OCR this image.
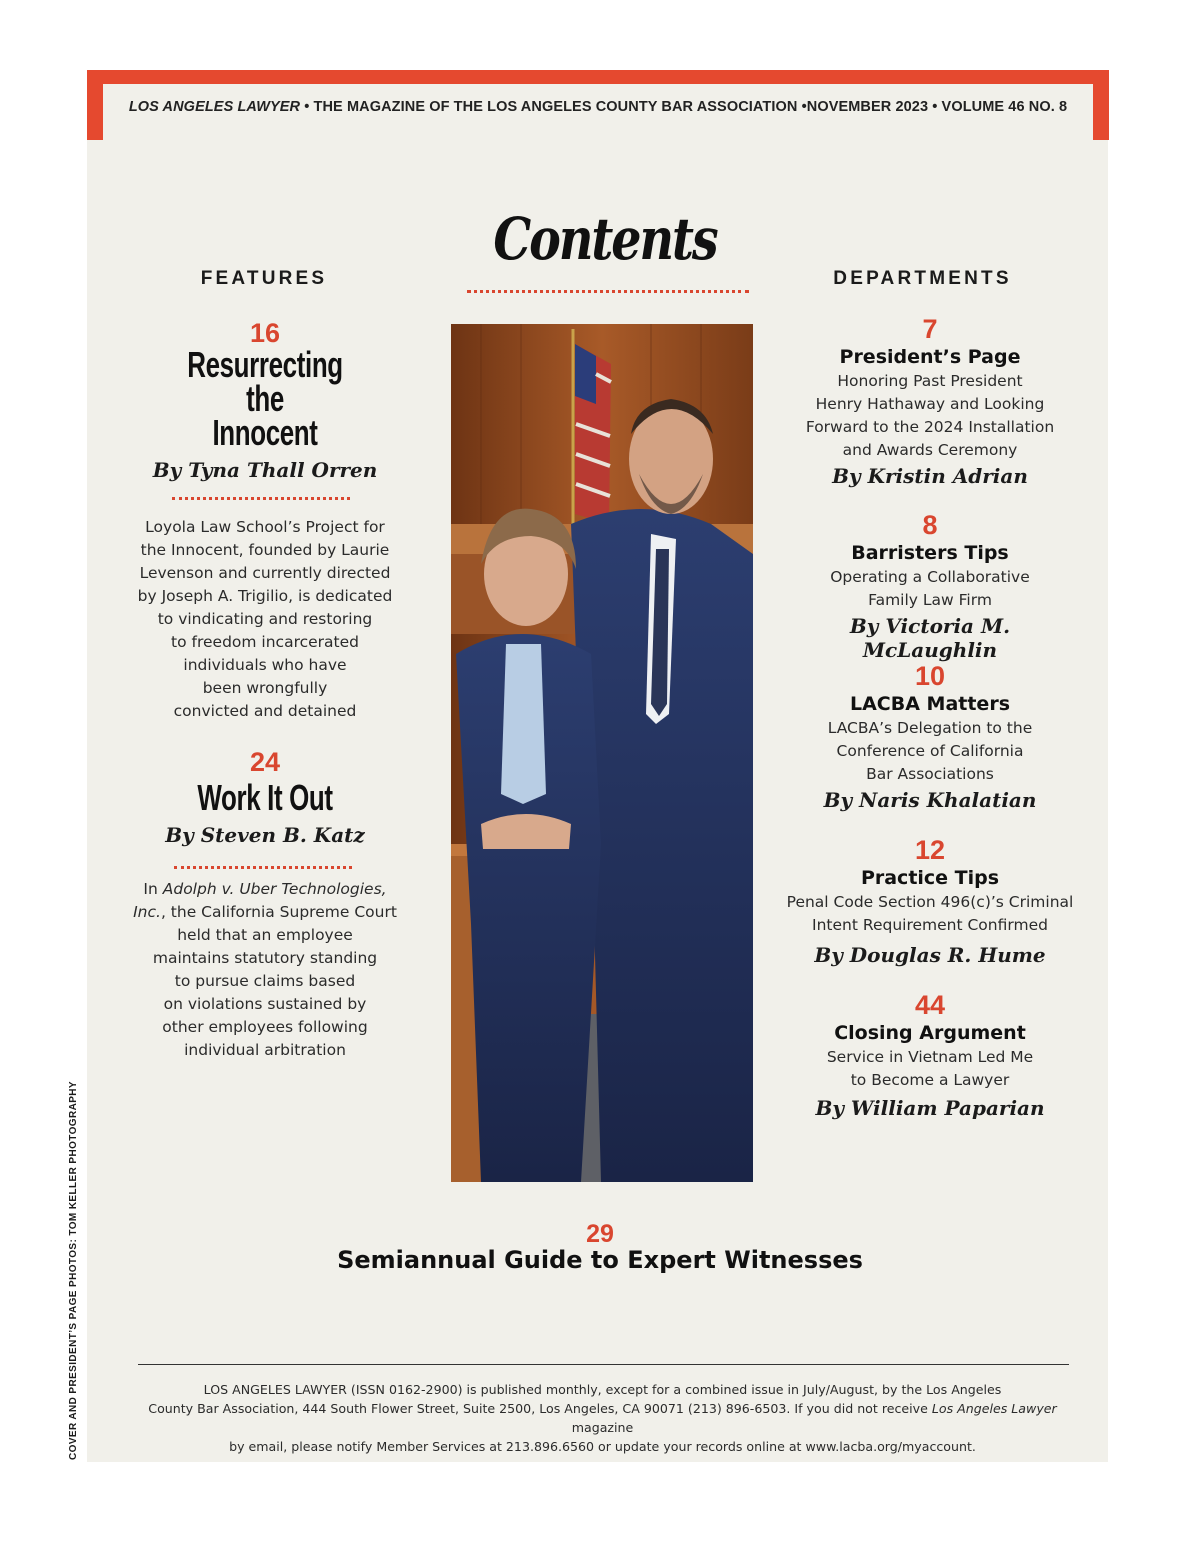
LOS ANGELES LAWYER • THE MAGAZINE OF THE LOS ANGELES COUNTY BAR ASSOCIATION •NOVEMBER 2023 • VOLUME 46 NO. 8
Contents
FEATURES	DEPARTMENTS
16
Resurrecting
the
Innocent
By Tyna Thall Orren
Loyola Law School’s Project for
the Innocent, founded by Laurie
Levenson and currently directed
by Joseph A. Trigilio, is dedicated
to vindicating and restoring
to freedom incarcerated
individuals who have
been wrongfully
convicted and detained
24
Work It Out
By Steven B. Katz
In Adolph v. Uber Technologies,
Inc., the California Supreme Court
held that an employee
maintains statutory standing
to pursue claims based
on violations sustained by
other employees following
individual arbitration
7
President’s Page
Honoring Past President
Henry Hathaway and Looking
Forward to the 2024 Installation
and Awards Ceremony
By Kristin Adrian
8
Barristers Tips
Operating a Collaborative
Family Law Firm
By Victoria M. McLaughlin
10
LACBA Matters
LACBA’s Delegation to the
Conference of California
Bar Associations
By Naris Khalatian
12
Practice Tips
Penal Code Section 496(c)’s Criminal
Intent Requirement Confirmed
By Douglas R. Hume
44
Closing Argument
Service in Vietnam Led Me
to Become a Lawyer
By William Paparian
29
Semiannual Guide to Expert Witnesses
LOS ANGELES LAWYER (ISSN 0162-2900) is published monthly, except for a combined issue in July/August, by the Los Angeles
County Bar Association, 444 South Flower Street, Suite 2500, Los Angeles, CA 90071 (213) 896-6503. If you did not receive Los Angeles Lawyer magazine
by email, please notify Member Services at 213.896.6560 or update your records online at www.lacba.org/myaccount.
COVER AND PRESIDENT’S PAGE PHOTOS: TOM KELLER PHOTOGRAPHY
